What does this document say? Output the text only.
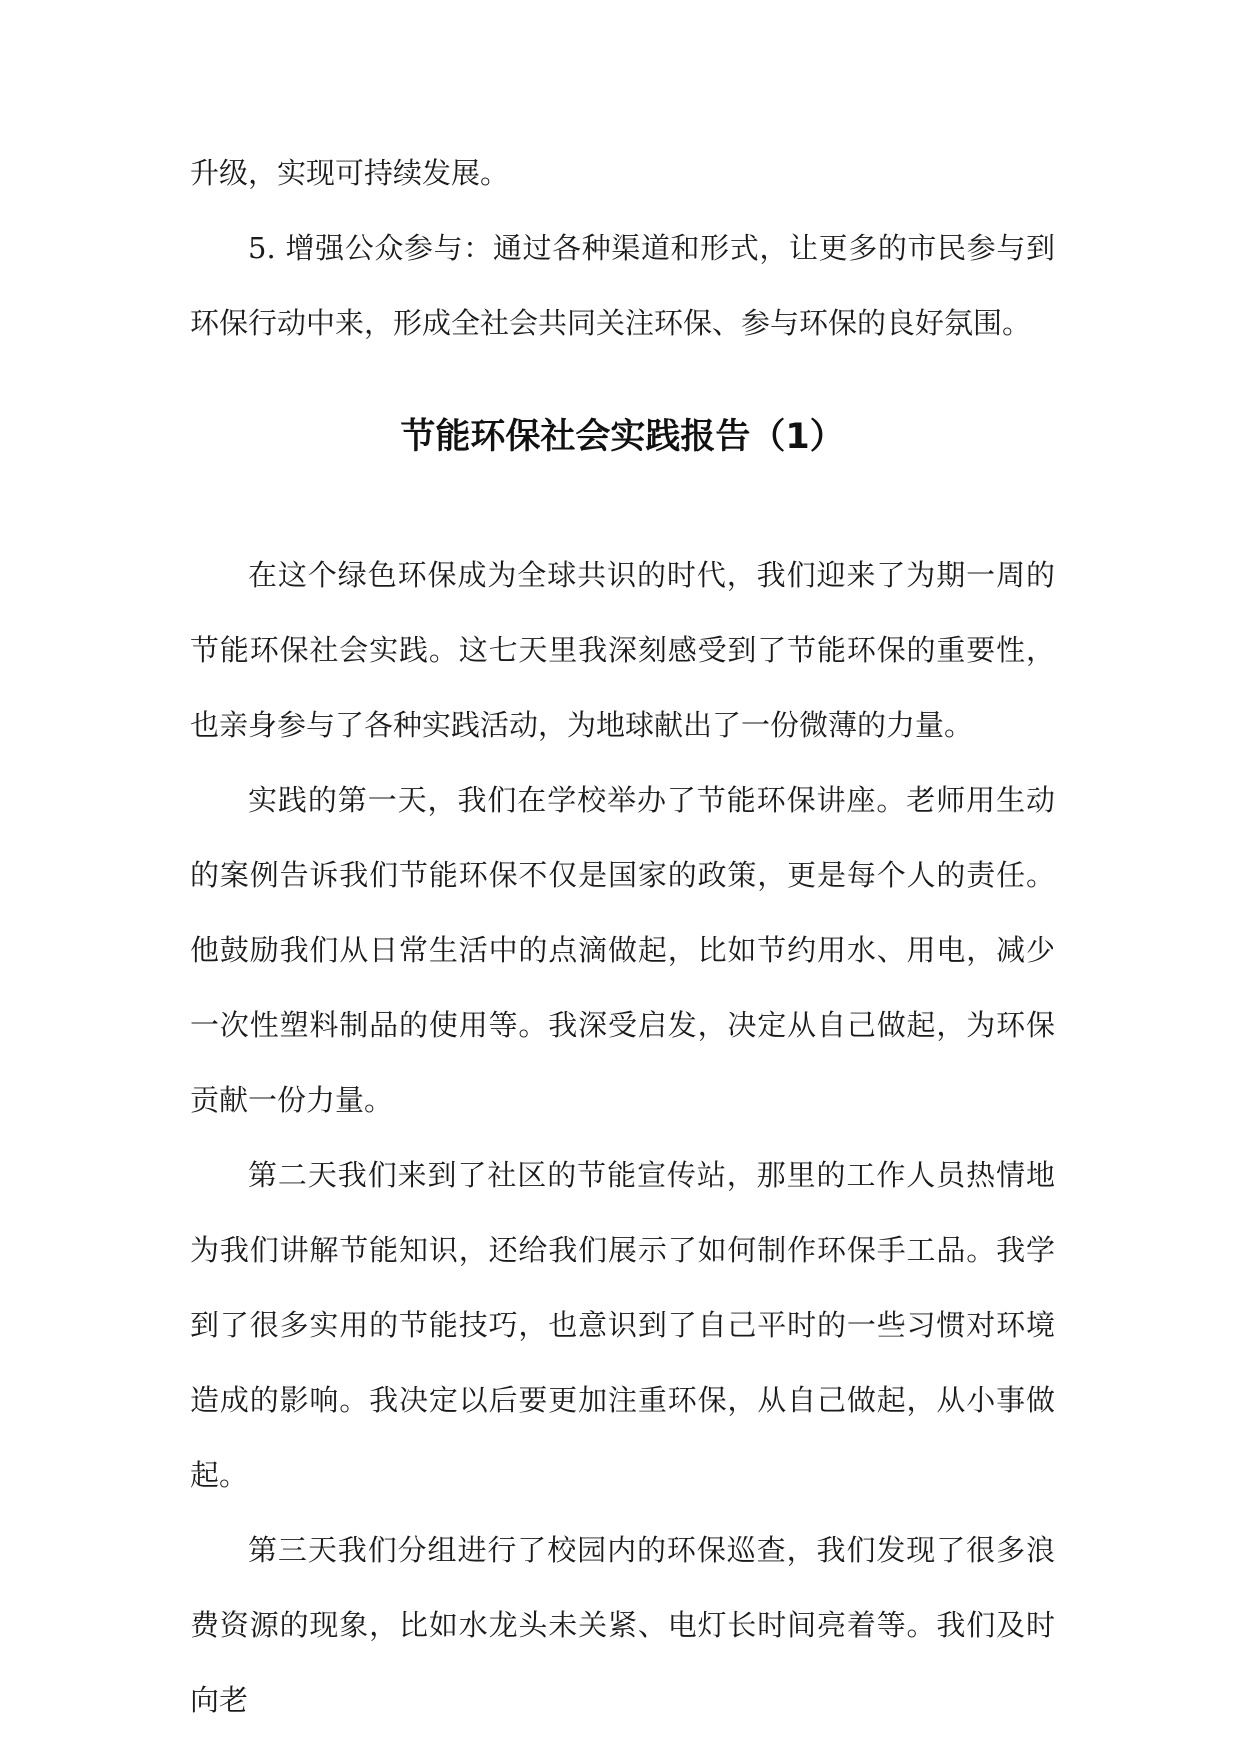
升级，实现可持续发展。

5. 增强公众参与：通过各种渠道和形式，让更多的市民参与到环保行动中来，形成全社会共同关注环保、参与环保的良好氛围。

节能环保社会实践报告（1）

在这个绿色环保成为全球共识的时代，我们迎来了为期一周的节能环保社会实践。这七天里我深刻感受到了节能环保的重要性，也亲身参与了各种实践活动，为地球献出了一份微薄的力量。

实践的第一天，我们在学校举办了节能环保讲座。老师用生动的案例告诉我们节能环保不仅是国家的政策，更是每个人的责任。他鼓励我们从日常生活中的点滴做起，比如节约用水、用电，减少一次性塑料制品的使用等。我深受启发，决定从自己做起，为环保贡献一份力量。

第二天我们来到了社区的节能宣传站，那里的工作人员热情地为我们讲解节能知识，还给我们展示了如何制作环保手工品。我学到了很多实用的节能技巧，也意识到了自己平时的一些习惯对环境造成的影响。我决定以后要更加注重环保，从自己做起，从小事做起。

第三天我们分组进行了校园内的环保巡查，我们发现了很多浪费资源的现象，比如水龙头未关紧、电灯长时间亮着等。我们及时向老
